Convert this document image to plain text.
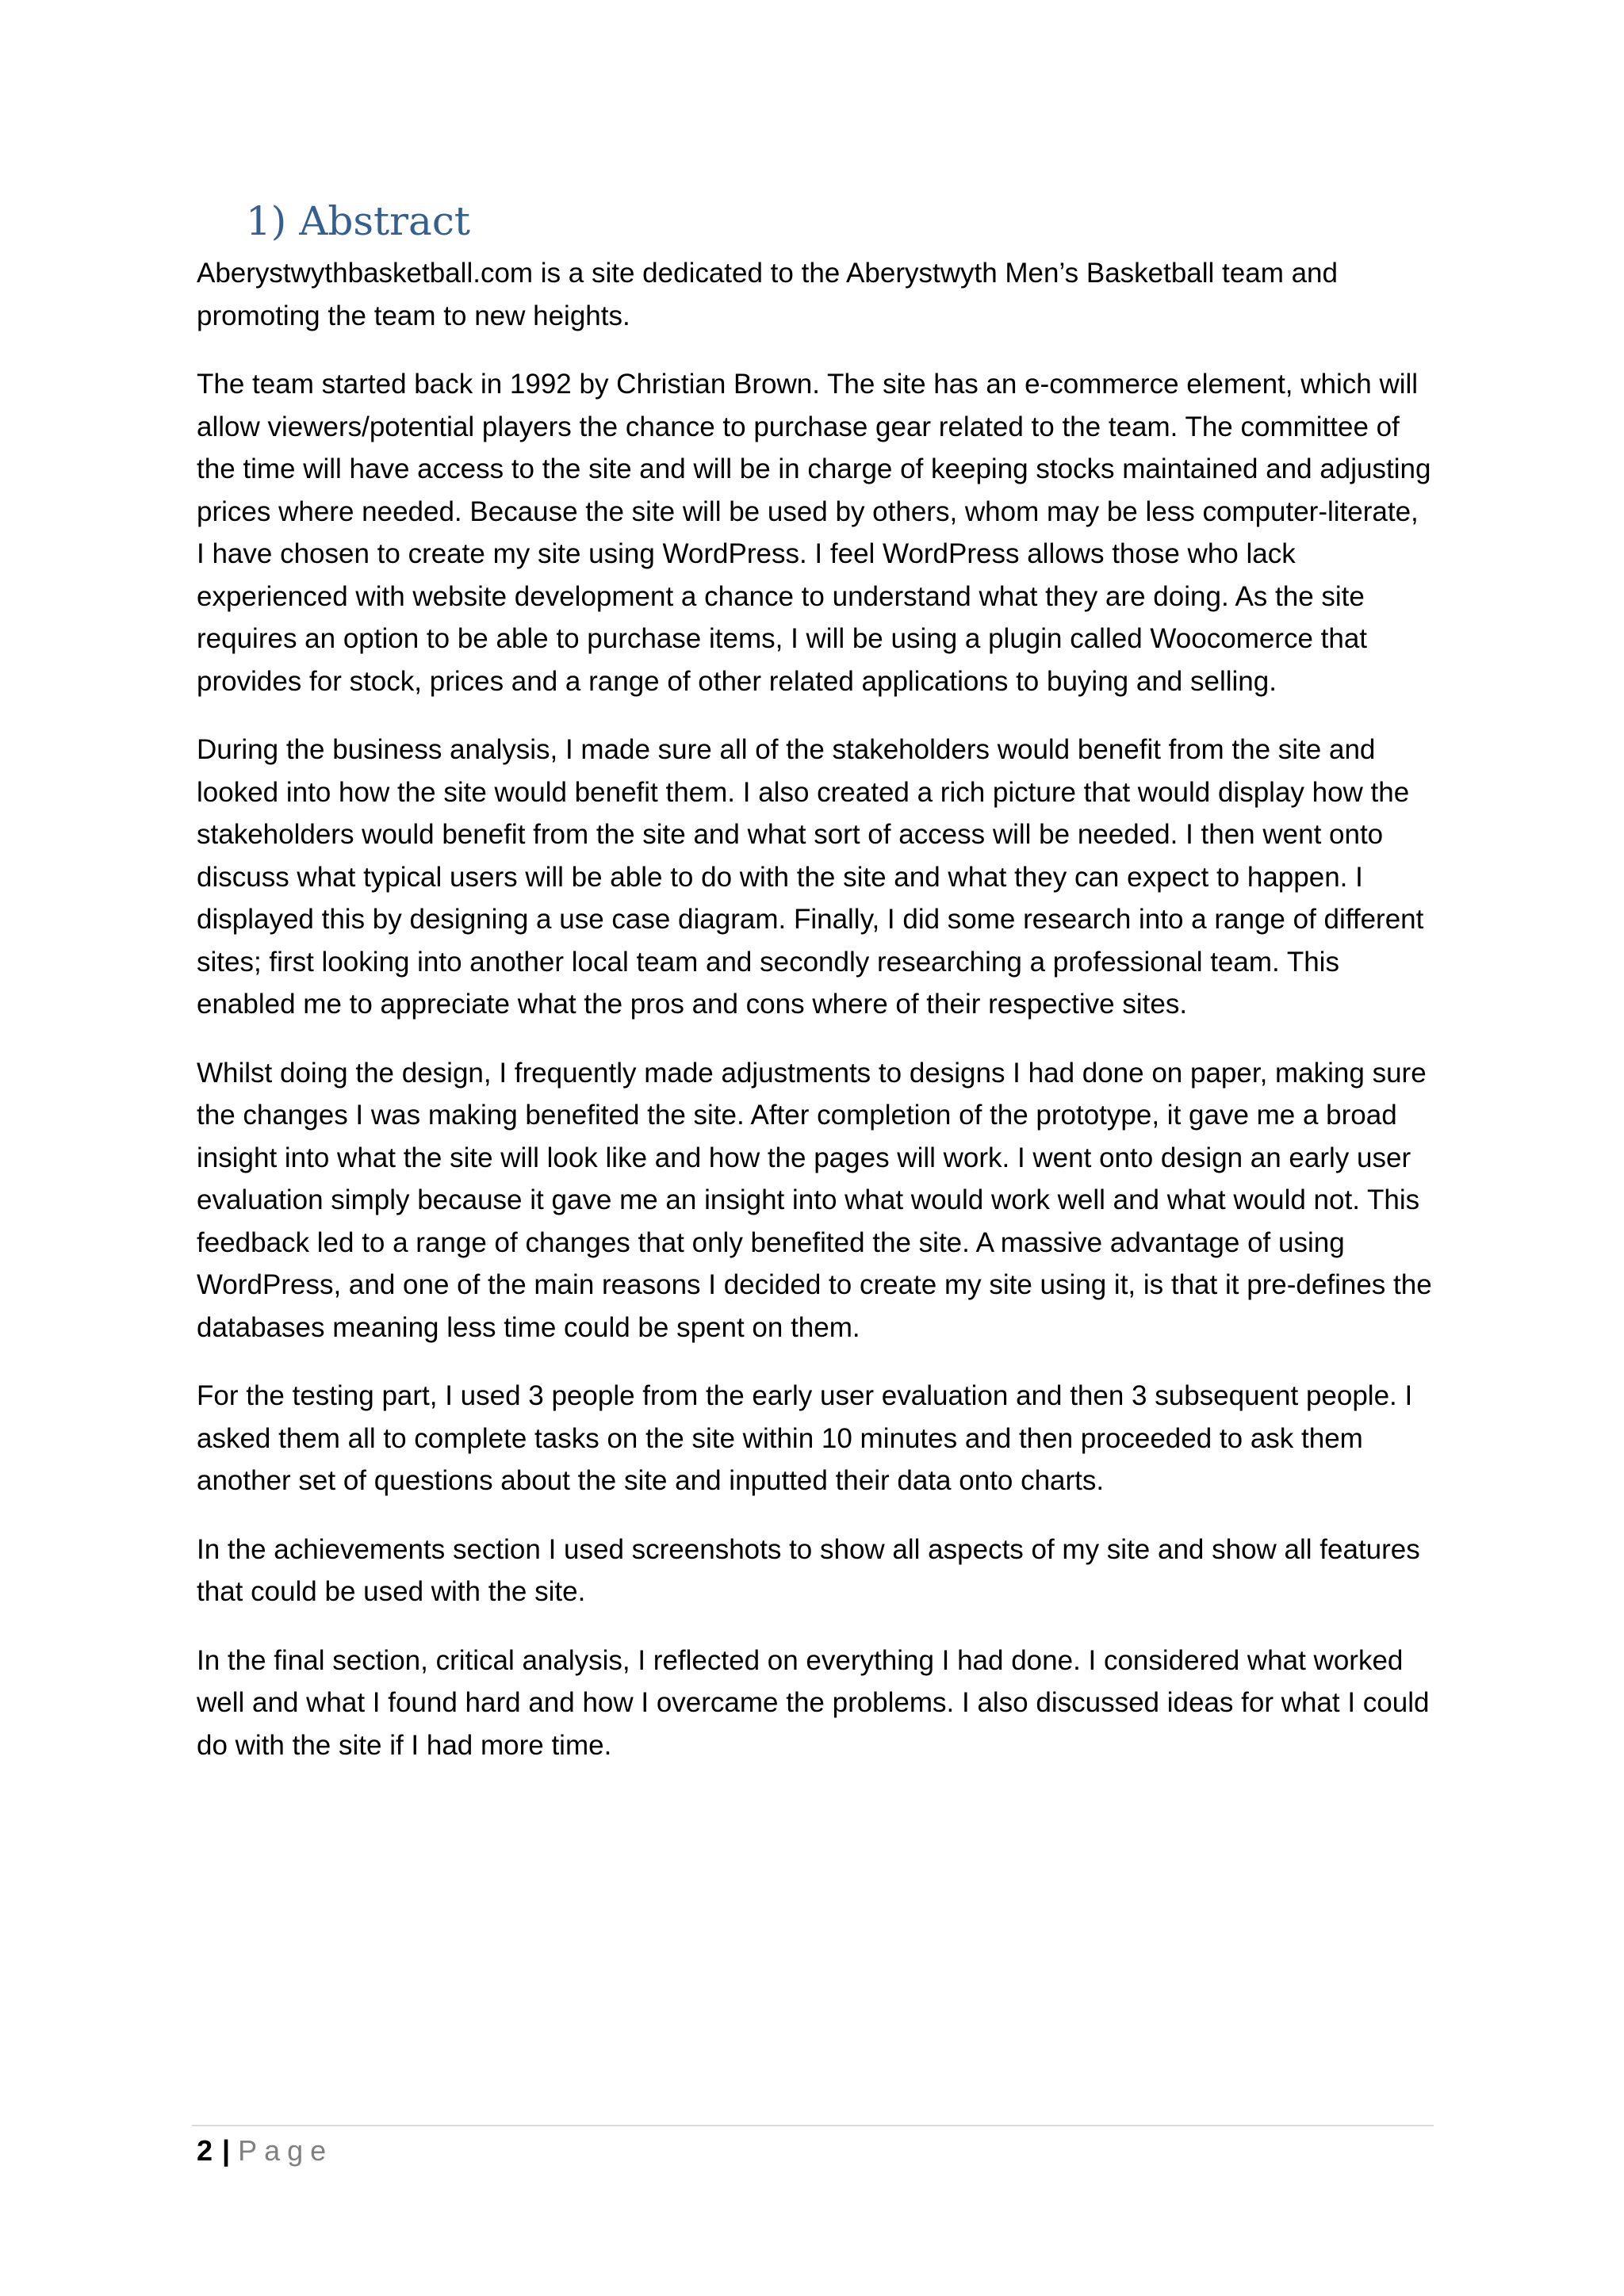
1) Abstract

Aberystwythbasketball.com is a site dedicated to the Aberystwyth Men’s Basketball team and promoting the team to new heights.

The team started back in 1992 by Christian Brown. The site has an e-commerce element, which will allow viewers/potential players the chance to purchase gear related to the team. The committee of the time will have access to the site and will be in charge of keeping stocks maintained and adjusting prices where needed. Because the site will be used by others, whom may be less computer-literate, I have chosen to create my site using WordPress. I feel WordPress allows those who lack experienced with website development a chance to understand what they are doing. As the site requires an option to be able to purchase items, I will be using a plugin called Woocomerce that provides for stock, prices and a range of other related applications to buying and selling.

During the business analysis, I made sure all of the stakeholders would benefit from the site and looked into how the site would benefit them. I also created a rich picture that would display how the stakeholders would benefit from the site and what sort of access will be needed. I then went onto discuss what typical users will be able to do with the site and what they can expect to happen. I displayed this by designing a use case diagram. Finally, I did some research into a range of different sites; first looking into another local team and secondly researching a professional team. This enabled me to appreciate what the pros and cons where of their respective sites.

Whilst doing the design, I frequently made adjustments to designs I had done on paper, making sure the changes I was making benefited the site. After completion of the prototype, it gave me a broad insight into what the site will look like and how the pages will work. I went onto design an early user evaluation simply because it gave me an insight into what would work well and what would not. This feedback led to a range of changes that only benefited the site. A massive advantage of using WordPress, and one of the main reasons I decided to create my site using it, is that it pre-defines the databases meaning less time could be spent on them.

For the testing part, I used 3 people from the early user evaluation and then 3 subsequent people. I asked them all to complete tasks on the site within 10 minutes and then proceeded to ask them another set of questions about the site and inputted their data onto charts.

In the achievements section I used screenshots to show all aspects of my site and show all features that could be used with the site.

In the final section, critical analysis, I reflected on everything I had done. I considered what worked well and what I found hard and how I overcame the problems. I also discussed ideas for what I could do with the site if I had more time.

2 | Page
